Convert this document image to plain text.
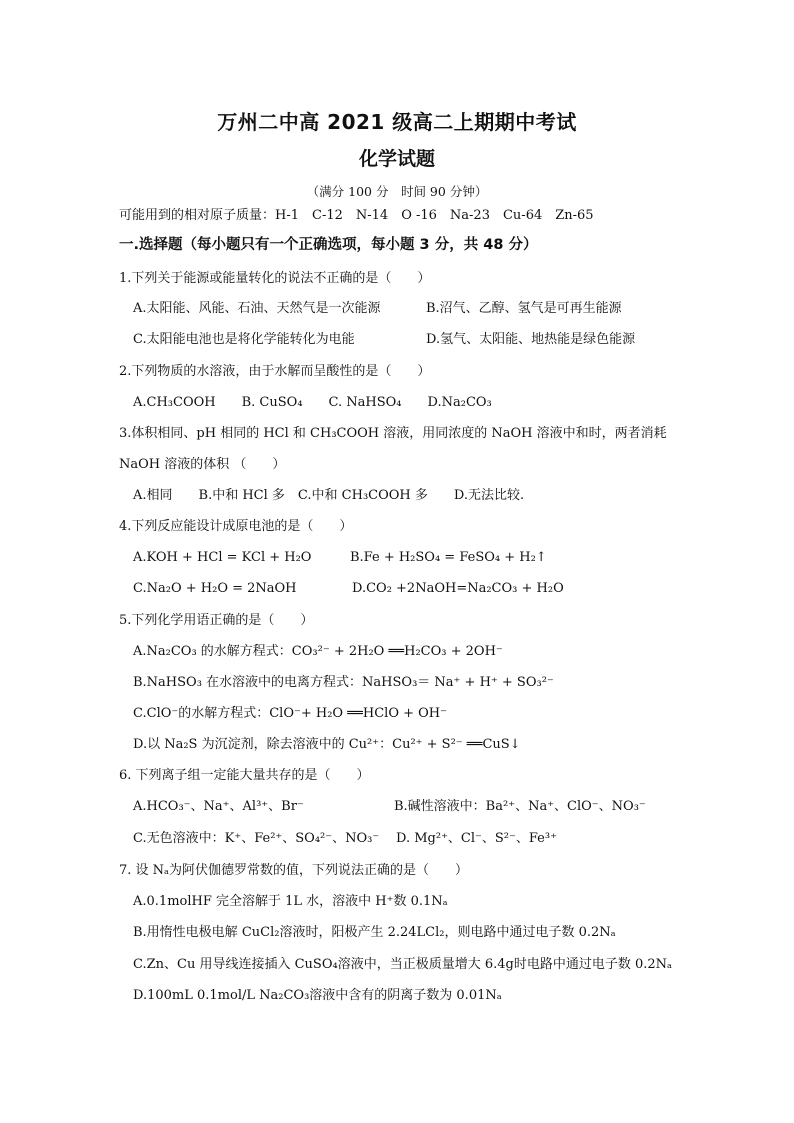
万州二中高 2021 级高二上期期中考试
化学试题
（满分 100 分　时间 90 分钟）
可能用到的相对原子质量：H-1　C-12　N-14　O -16　Na-23　Cu-64　Zn-65
一.选择题（每小题只有一个正确选项，每小题 3 分，共 48 分）
1.下列关于能源或能量转化的说法不正确的是（　　）
A.太阳能、风能、石油、天然气是一次能源	B.沼气、乙醇、氢气是可再生能源
C.太阳能电池也是将化学能转化为电能	D.氢气、太阳能、地热能是绿色能源
2.下列物质的水溶液，由于水解而呈酸性的是（　　）
A.CH₃COOH　　B. CuSO₄　　C. NaHSO₄　　D.Na₂CO₃
3.体积相同、pH 相同的 HCl 和 CH₃COOH 溶液，用同浓度的 NaOH 溶液中和时，两者消耗
NaOH 溶液的体积 （　　）
A.相同　　B.中和 HCl 多　C.中和 CH₃COOH 多　　D.无法比较.
4.下列反应能设计成原电池的是（　　）
A.KOH + HCl = KCl + H₂O	B.Fe + H₂SO₄ = FeSO₄ + H₂↑
C.Na₂O + H₂O = 2NaOH	D.CO₂ +2NaOH=Na₂CO₃ + H₂O
5.下列化学用语正确的是（　　）
A.Na₂CO₃ 的水解方程式：CO₃²⁻ + 2H₂O ══H₂CO₃ + 2OH⁻
B.NaHSO₃ 在水溶液中的电离方程式：NaHSO₃＝ Na⁺ + H⁺ + SO₃²⁻
C.ClO⁻的水解方程式：ClO⁻+ H₂O ══HClO + OH⁻
D.以 Na₂S 为沉淀剂，除去溶液中的 Cu²⁺：Cu²⁺ + S²⁻ ══CuS↓
6. 下列离子组一定能大量共存的是（　　）
A.HCO₃⁻、Na⁺、Al³⁺、Br⁻	B.碱性溶液中：Ba²⁺、Na⁺、ClO⁻、NO₃⁻
C.无色溶液中：K⁺、Fe²⁺、SO₄²⁻、NO₃⁻ D. Mg²⁺、Cl⁻、S²⁻、Fe³⁺
7. 设 Nₐ为阿伏伽德罗常数的值，下列说法正确的是（　　）
A.0.1molHF 完全溶解于 1L 水，溶液中 H⁺数 0.1Nₐ
B.用惰性电极电解 CuCl₂溶液时，阳极产生 2.24LCl₂，则电路中通过电子数 0.2Nₐ
C.Zn、Cu 用导线连接插入 CuSO₄溶液中，当正极质量增大 6.4g时电路中通过电子数 0.2Nₐ
D.100mL 0.1mol/L Na₂CO₃溶液中含有的阴离子数为 0.01Nₐ
